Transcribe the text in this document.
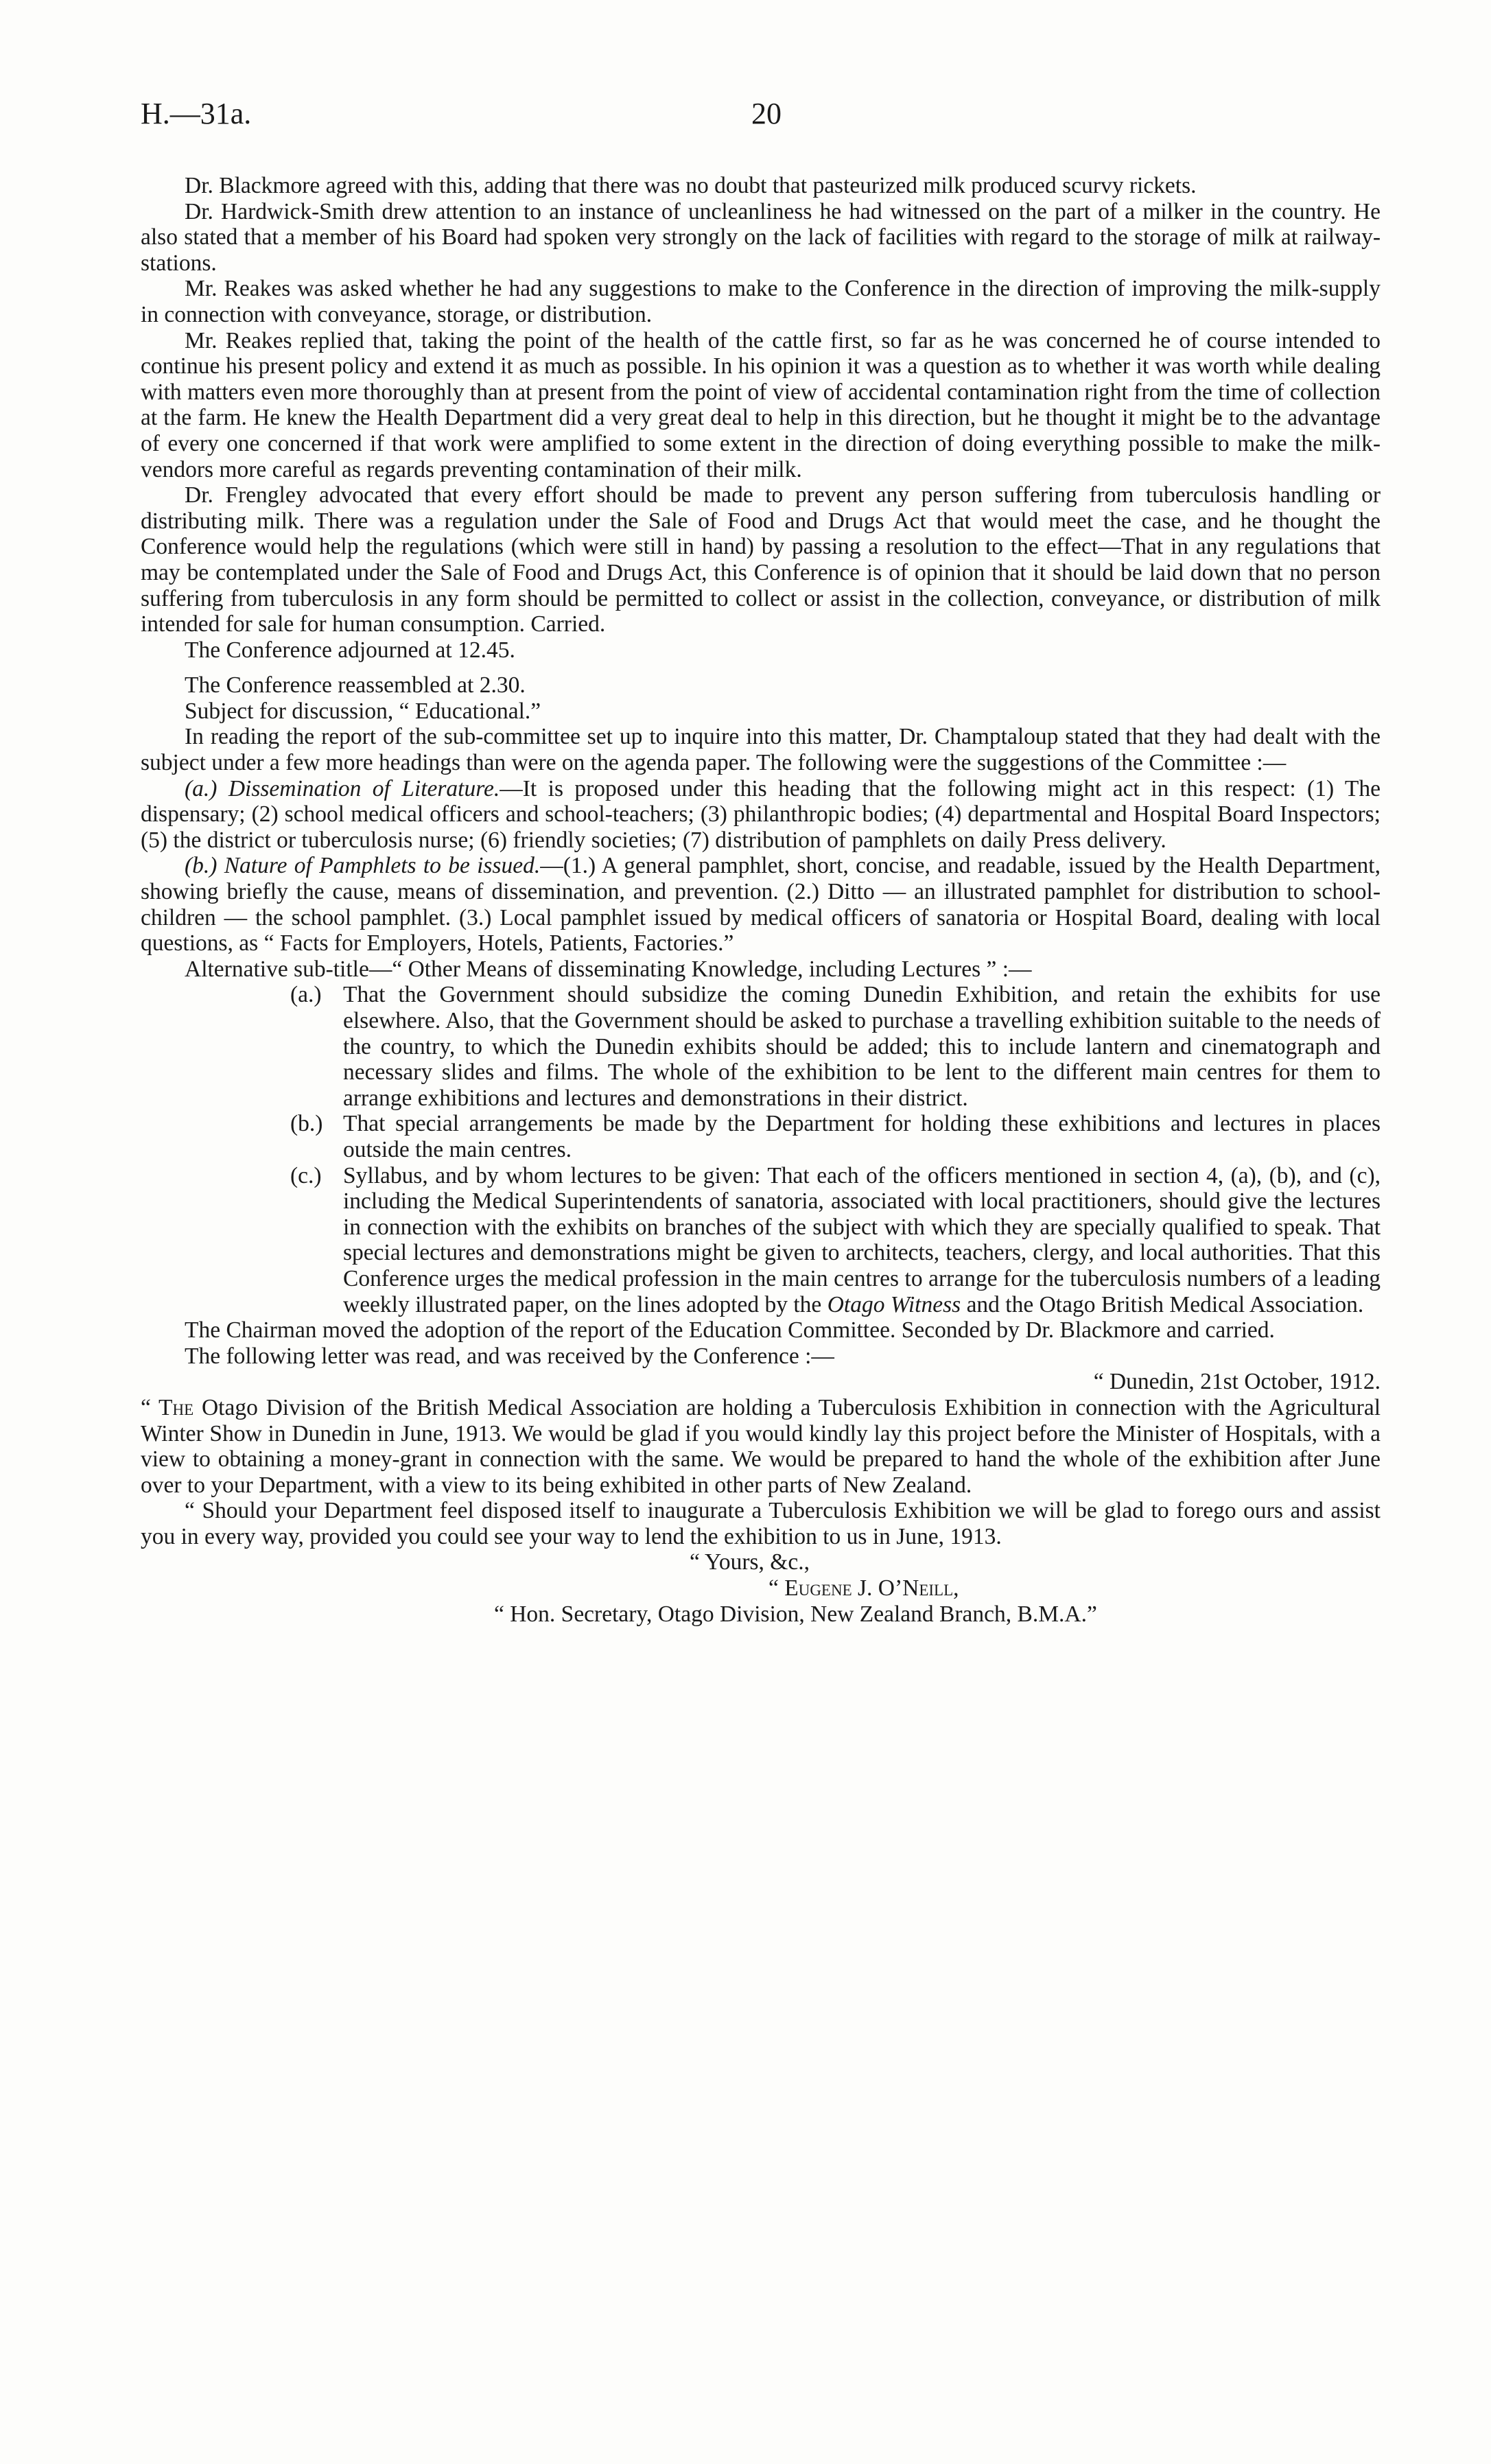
H.—31a.	20

Dr. Blackmore agreed with this, adding that there was no doubt that pasteurized milk produced scurvy rickets.

Dr. Hardwick-Smith drew attention to an instance of uncleanliness he had witnessed on the part of a milker in the country. He also stated that a member of his Board had spoken very strongly on the lack of facilities with regard to the storage of milk at railway-stations.

Mr. Reakes was asked whether he had any suggestions to make to the Conference in the direction of improving the milk-supply in connection with conveyance, storage, or distribution.

Mr. Reakes replied that, taking the point of the health of the cattle first, so far as he was concerned he of course intended to continue his present policy and extend it as much as possible. In his opinion it was a question as to whether it was worth while dealing with matters even more thoroughly than at present from the point of view of accidental contamination right from the time of collection at the farm. He knew the Health Department did a very great deal to help in this direction, but he thought it might be to the advantage of every one concerned if that work were amplified to some extent in the direction of doing everything possible to make the milk-vendors more careful as regards preventing contamination of their milk.

Dr. Frengley advocated that every effort should be made to prevent any person suffering from tuberculosis handling or distributing milk. There was a regulation under the Sale of Food and Drugs Act that would meet the case, and he thought the Conference would help the regulations (which were still in hand) by passing a resolution to the effect—That in any regulations that may be contemplated under the Sale of Food and Drugs Act, this Conference is of opinion that it should be laid down that no person suffering from tuberculosis in any form should be permitted to collect or assist in the collection, conveyance, or distribution of milk intended for sale for human consumption. Carried.

The Conference adjourned at 12.45.

The Conference reassembled at 2.30.

Subject for discussion, “ Educational.”

In reading the report of the sub-committee set up to inquire into this matter, Dr. Champtaloup stated that they had dealt with the subject under a few more headings than were on the agenda paper. The following were the suggestions of the Committee :—

(a.) Dissemination of Literature.—It is proposed under this heading that the following might act in this respect: (1) The dispensary; (2) school medical officers and school-teachers; (3) philanthropic bodies; (4) departmental and Hospital Board Inspectors; (5) the district or tuberculosis nurse; (6) friendly societies; (7) distribution of pamphlets on daily Press delivery.

(b.) Nature of Pamphlets to be issued.—(1.) A general pamphlet, short, concise, and readable, issued by the Health Department, showing briefly the cause, means of dissemination, and prevention. (2.) Ditto — an illustrated pamphlet for distribution to school-children — the school pamphlet. (3.) Local pamphlet issued by medical officers of sanatoria or Hospital Board, dealing with local questions, as “ Facts for Employers, Hotels, Patients, Factories.”

Alternative sub-title—“ Other Means of disseminating Knowledge, including Lectures ” :—

(a.) That the Government should subsidize the coming Dunedin Exhibition, and retain the exhibits for use elsewhere. Also, that the Government should be asked to purchase a travelling exhibition suitable to the needs of the country, to which the Dunedin exhibits should be added; this to include lantern and cinematograph and necessary slides and films. The whole of the exhibition to be lent to the different main centres for them to arrange exhibitions and lectures and demonstrations in their district.

(b.) That special arrangements be made by the Department for holding these exhibitions and lectures in places outside the main centres.

(c.) Syllabus, and by whom lectures to be given: That each of the officers mentioned in section 4, (a), (b), and (c), including the Medical Superintendents of sanatoria, associated with local practitioners, should give the lectures in connection with the exhibits on branches of the subject with which they are specially qualified to speak. That special lectures and demonstrations might be given to architects, teachers, clergy, and local authorities. That this Conference urges the medical profession in the main centres to arrange for the tuberculosis numbers of a leading weekly illustrated paper, on the lines adopted by the Otago Witness and the Otago British Medical Association.

The Chairman moved the adoption of the report of the Education Committee. Seconded by Dr. Blackmore and carried.

The following letter was read, and was received by the Conference :—

“ Dunedin, 21st October, 1912.

“ The Otago Division of the British Medical Association are holding a Tuberculosis Exhibition in connection with the Agricultural Winter Show in Dunedin in June, 1913. We would be glad if you would kindly lay this project before the Minister of Hospitals, with a view to obtaining a money-grant in connection with the same. We would be prepared to hand the whole of the exhibition after June over to your Department, with a view to its being exhibited in other parts of New Zealand.

“ Should your Department feel disposed itself to inaugurate a Tuberculosis Exhibition we will be glad to forego ours and assist you in every way, provided you could see your way to lend the exhibition to us in June, 1913.

“ Yours, &c.,

“ Eugene J. O’Neill,

“ Hon. Secretary, Otago Division, New Zealand Branch, B.M.A.”
